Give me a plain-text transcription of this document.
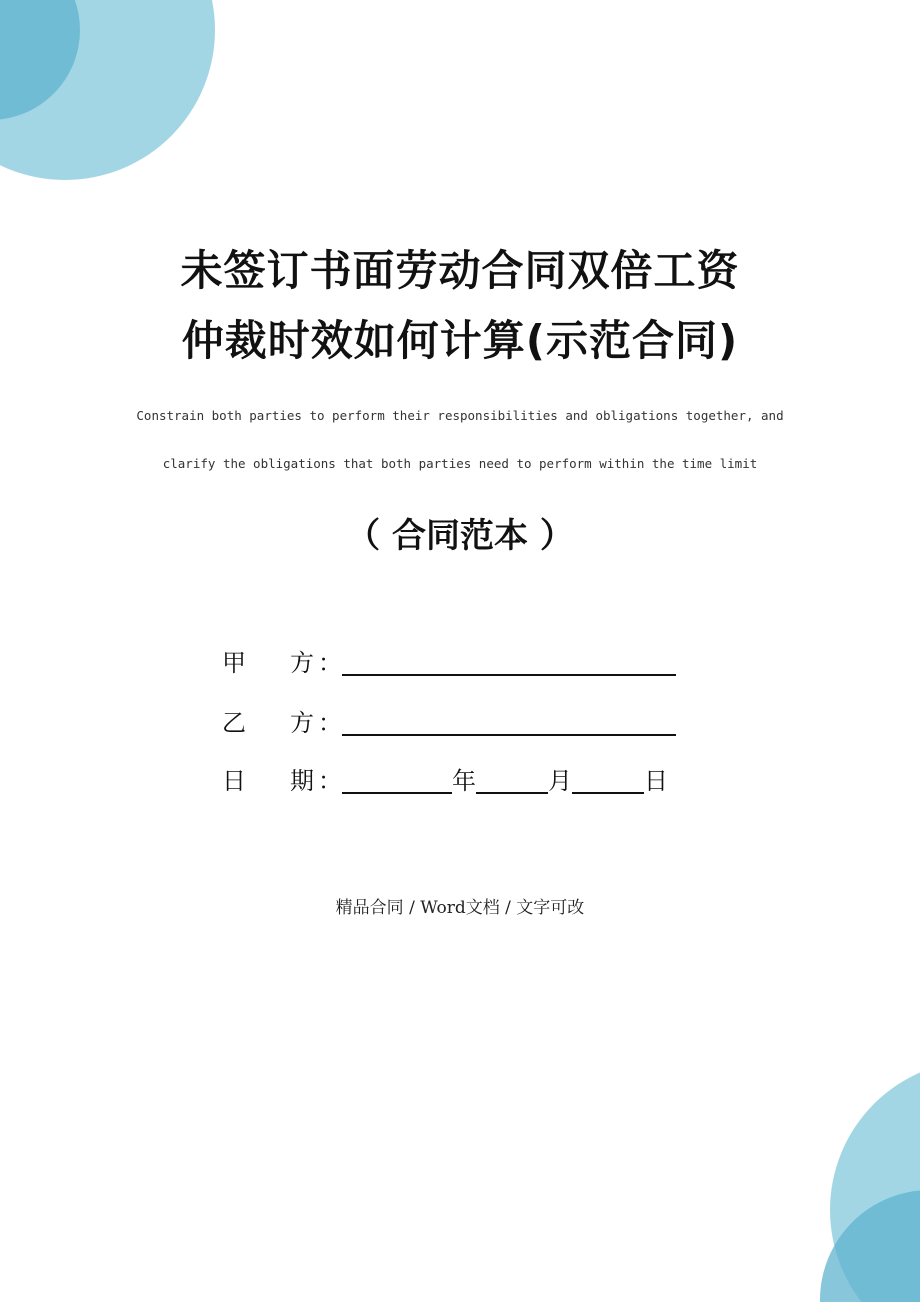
未签订书面劳动合同双倍工资
仲裁时效如何计算(示范合同)
Constrain both parties to perform their responsibilities and obligations together, and
clarify the obligations that both parties need to perform within the time limit
（ 合同范本 ）
甲	方 ：
乙	方 ：
日	期 ：	年	月	日
精品合同 / Word文档 / 文字可改
